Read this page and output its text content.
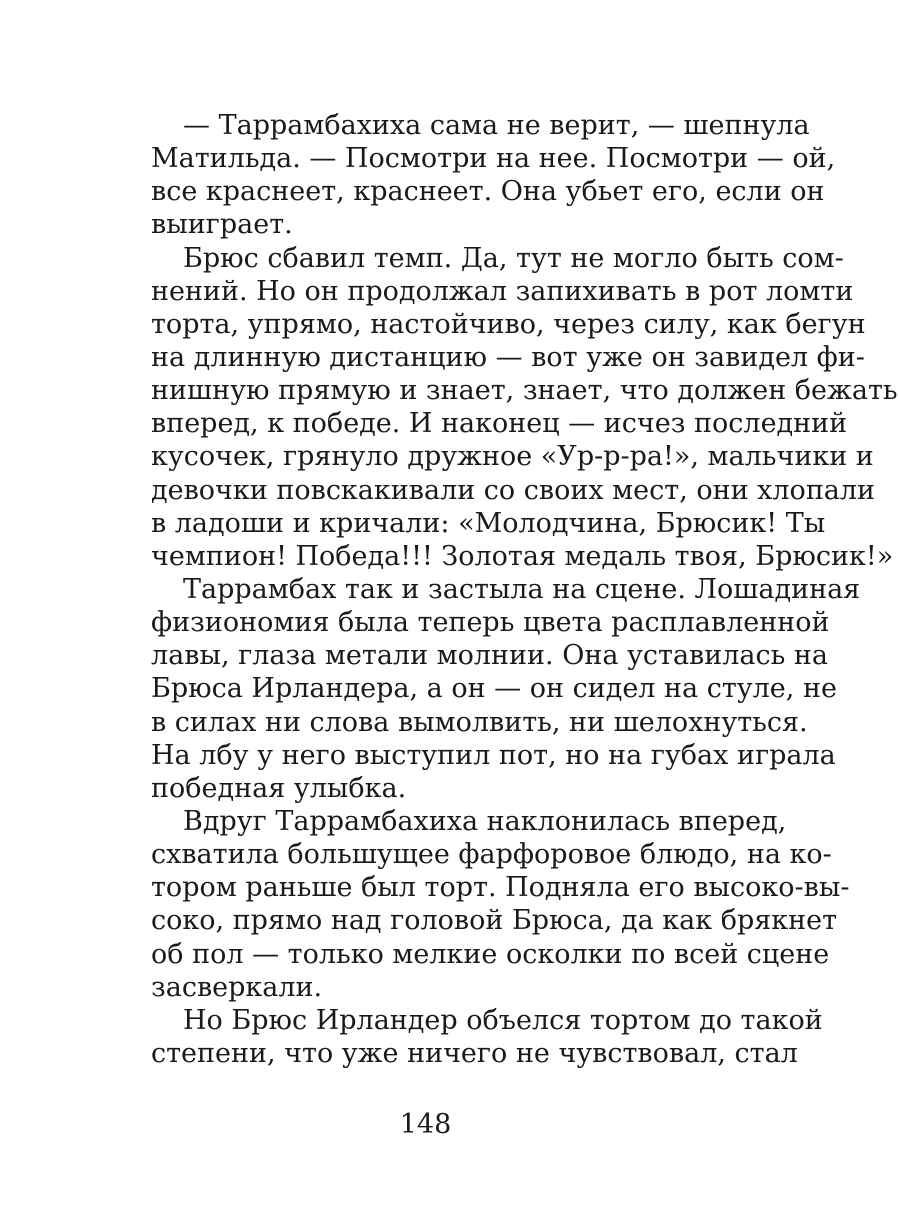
— Таррамбахиха сама не верит, — шепнула
Матильда. — Посмотри на нее. Посмотри — ой,
все краснеет, краснеет. Она убьет его, если он
выиграет.
Брюс сбавил темп. Да, тут не могло быть сом-
нений. Но он продолжал запихивать в рот ломти
торта, упрямо, настойчиво, через силу, как бегун
на длинную дистанцию — вот уже он завидел фи-
нишную прямую и знает, знает, что должен бежать
вперед, к победе. И наконец — исчез последний
кусочек, грянуло дружное «Ур-р-ра!», мальчики и
девочки повскакивали со своих мест, они хлопали
в ладоши и кричали: «Молодчина, Брюсик! Ты
чемпион! Победа!!! Золотая медаль твоя, Брюсик!»
Таррамбах так и застыла на сцене. Лошадиная
физиономия была теперь цвета расплавленной
лавы, глаза метали молнии. Она уставилась на
Брюса Ирландера, а он — он сидел на стуле, не
в силах ни слова вымолвить, ни шелохнуться.
На лбу у него выступил пот, но на губах играла
победная улыбка.
Вдруг Таррамбахиха наклонилась вперед,
схватила большущее фарфоровое блюдо, на ко-
тором раньше был торт. Подняла его высоко-вы-
соко, прямо над головой Брюса, да как брякнет
об пол — только мелкие осколки по всей сцене
засверкали.
Но Брюс Ирландер объелся тортом до такой
степени, что уже ничего не чувствовал, стал
148
